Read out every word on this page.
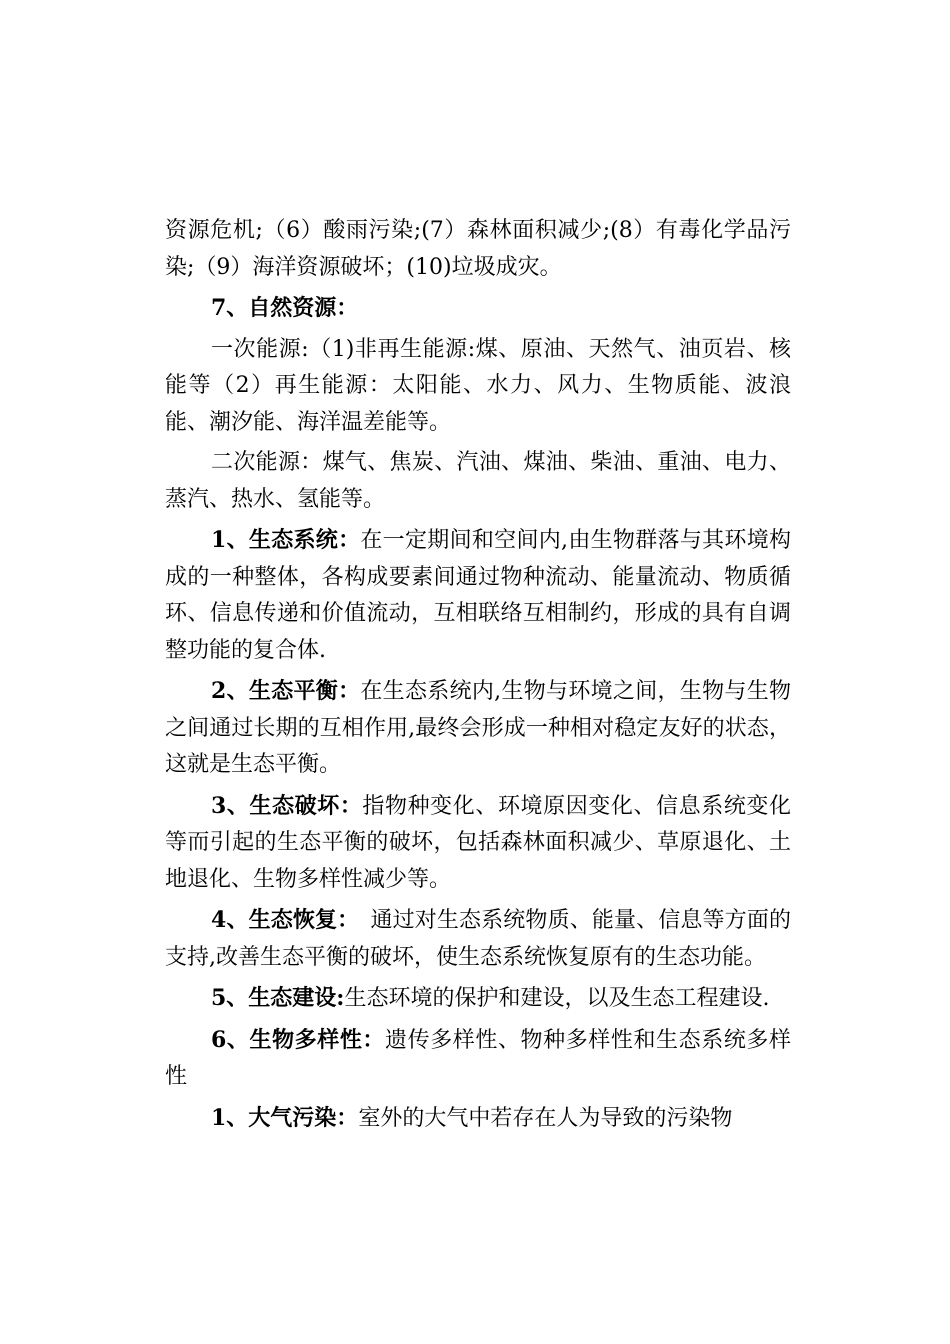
资源危机;（6）酸雨污染;(7）森林面积减少;(8）有毒化学品污染;（9）海洋资源破坏；(10)垃圾成灾。

7、自然资源：

一次能源:（1)非再生能源:煤、原油、天然气、油页岩、核能等（2）再生能源：太阳能、水力、风力、生物质能、波浪能、潮汐能、海洋温差能等。

二次能源：煤气、焦炭、汽油、煤油、柴油、重油、电力、蒸汽、热水、氢能等。

1、生态系统：在一定期间和空间内,由生物群落与其环境构成的一种整体，各构成要素间通过物种流动、能量流动、物质循环、信息传递和价值流动，互相联络互相制约，形成的具有自调整功能的复合体.

2、生态平衡：在生态系统内,生物与环境之间，生物与生物之间通过长期的互相作用,最终会形成一种相对稳定友好的状态，这就是生态平衡。

3、生态破坏：指物种变化、环境原因变化、信息系统变化等而引起的生态平衡的破坏，包括森林面积减少、草原退化、土地退化、生物多样性减少等。

4、生态恢复：　通过对生态系统物质、能量、信息等方面的支持,改善生态平衡的破坏，使生态系统恢复原有的生态功能。

5、生态建设:生态环境的保护和建设，以及生态工程建设.

6、生物多样性：遗传多样性、物种多样性和生态系统多样性

1、大气污染：室外的大气中若存在人为导致的污染物
